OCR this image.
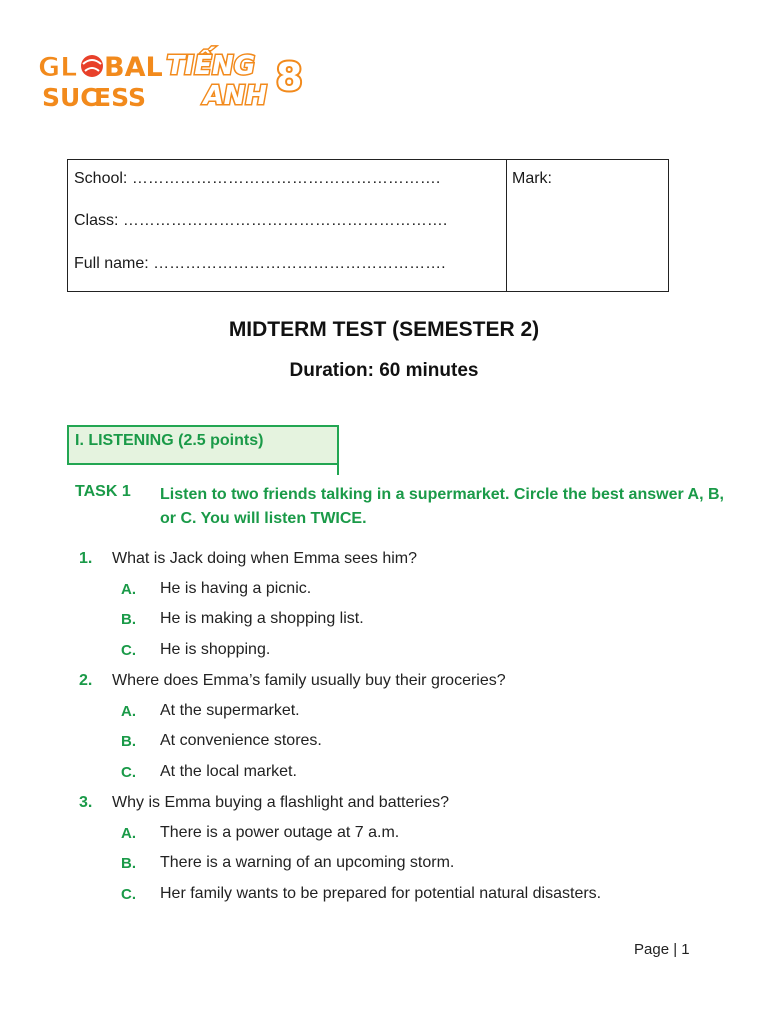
GL BAL
SUC
ESS
TIẾNG
ANH 8
School: ………………………………………………….
Class: …………………………………………………….
Full name: ……………………………………………….
Mark:
MIDTERM TEST (SEMESTER 2)
Duration: 60 minutes
I. LISTENING (2.5 points)
TASK 1 Listen to two friends talking in a supermarket. Circle the best answer A, B, or C. You will listen TWICE.
1. What is Jack doing when Emma sees him?
A. He is having a picnic.
B. He is making a shopping list.
C. He is shopping.
2. Where does Emma’s family usually buy their groceries?
A. At the supermarket.
B. At convenience stores.
C. At the local market.
3. Why is Emma buying a flashlight and batteries?
A. There is a power outage at 7 a.m.
B. There is a warning of an upcoming storm.
C. Her family wants to be prepared for potential natural disasters.
Page | 1
